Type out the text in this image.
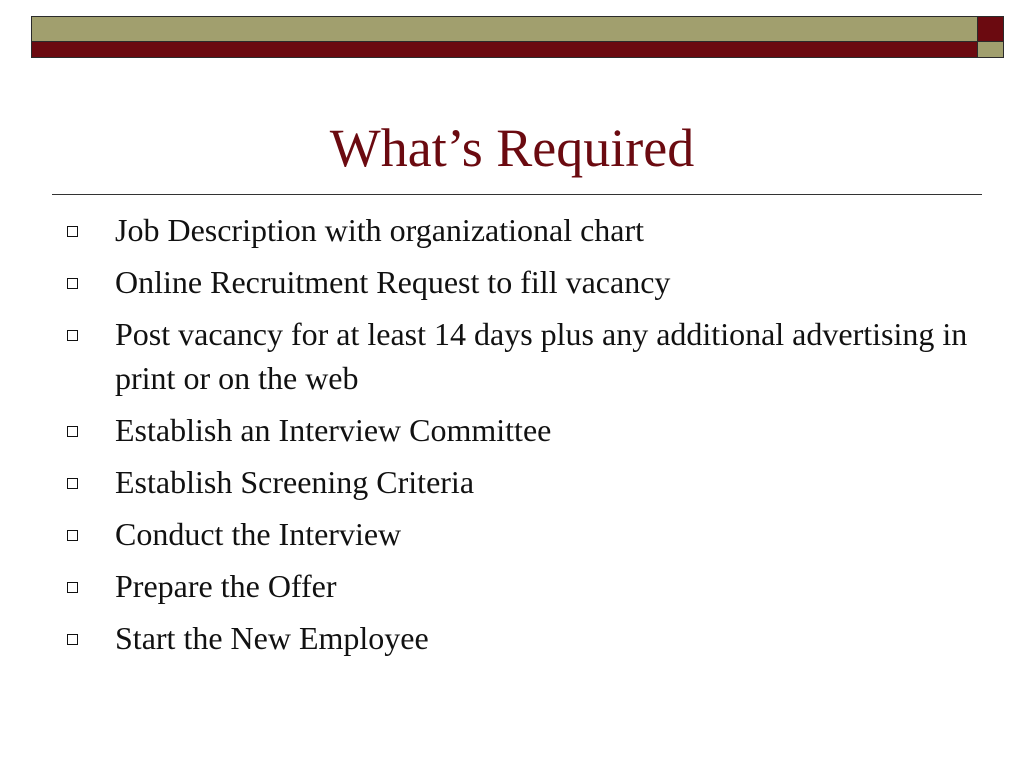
What’s Required
Job Description with organizational chart
Online Recruitment Request to fill vacancy
Post vacancy for at least 14 days plus any additional advertising in print or on the web
Establish an Interview Committee
Establish Screening Criteria
Conduct the Interview
Prepare the Offer
Start the New Employee
